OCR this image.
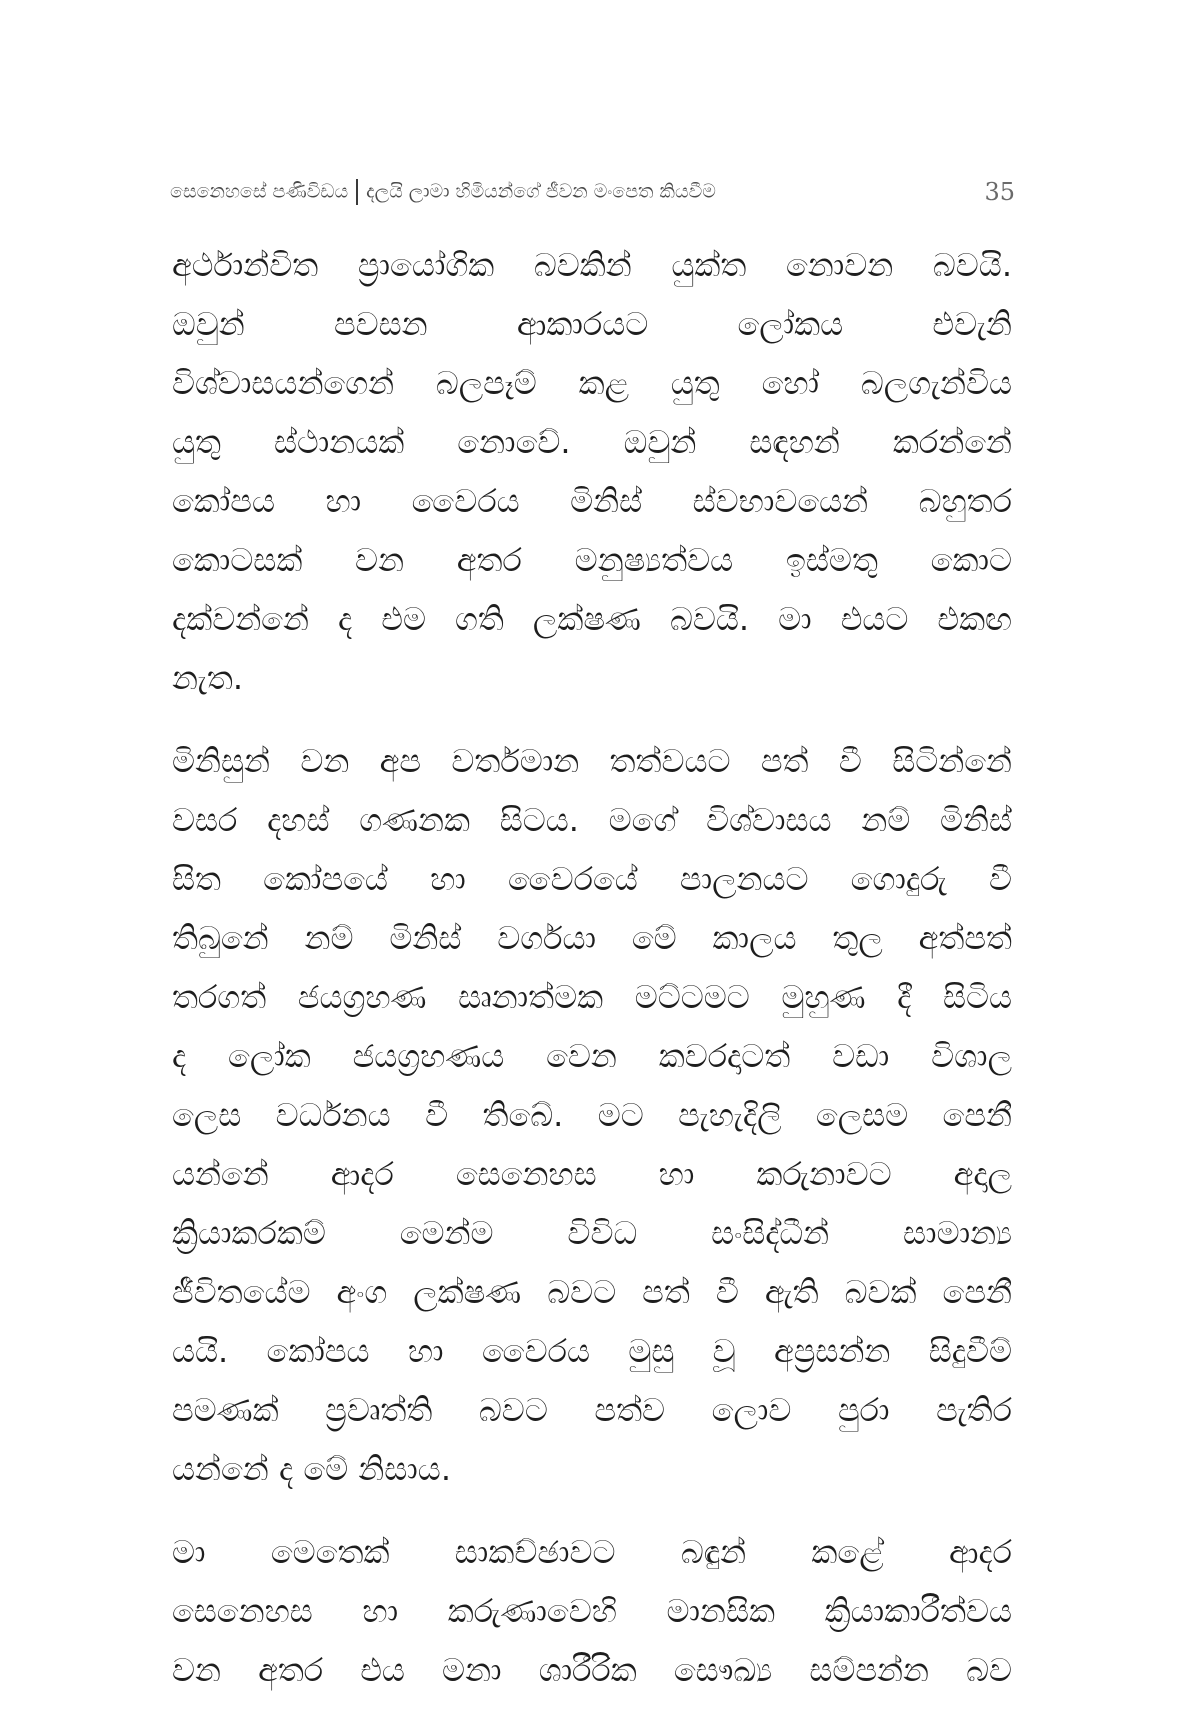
සෙනෙහසේ පණිවිඩය දලයි ලාමා හිමියන්ගේ ජීවන මංපෙත කියවීම	35
අර්ථාන්විත ප්‍රායෝගික බවකින් යුක්ත නොවන බවයි.
ඔවුන් පවසන ආකාරයට ලෝකය එවැනි
විශ්වාසයන්ගෙන් බලපෑම් කළ යුතු හෝ බලගැන්විය
යුතු ස්ථානයක් නොවේ. ඔවුන් සඳහන් කරන්නේ
කෝපය හා වෛරය මිනිස් ස්වභාවයෙන් බහුතර
කොටසක් වන අතර මනුෂ්‍යත්වය ඉස්මතු කොට
දක්වන්නේ ද එම ගති ලක්ෂණ බවයි. මා එයට එකඟ
නැත.
මිනිසුන් වන අප වර්තමාන තත්වයට පත් වී සිටින්නේ
වසර දහස් ගණනක සිටය. මගේ විශ්වාසය නම් මිනිස්
සිත කෝපයේ හා වෛරයේ පාලනයට ගොදුරු වී
තිබුනේ නම් මිනිස් වර්ගයා මේ කාලය තුල අත්පත්
තරගත් ජයග්‍රහණ සෘනාත්මක මට්ටමට මුහුණ දී සිටිය
ද ලෝක ජයග්‍රහණය වෙන කවරදාටත් වඩා විශාල
ලෙස වර්ධනය වී තිබේ. මට පැහැදිලි ලෙසම පෙනී
යන්නේ ආදර සෙනෙහස හා කරුනාවට අදාල
ක්‍රියාකරකම් මෙන්ම විවිධ සංසිද්ධීන් සාමාන්‍ය
ජීවිතයේම අංග ලක්ෂණ බවට පත් වී ඇති බවක් පෙනී
යයි. කෝපය හා වෛරය මුසු වූ අප්‍රසන්න සිදුවීම්
පමණක් ප්‍රවෘත්ති බවට පත්ව ලොව පුරා පැතිර
යන්නේ ද මේ නිසාය.
මා මෙතෙක් සාකච්ඡාවට බඳුන් කළේ ආදර
සෙනෙහස හා කරුණාවෙහි මානසික ක්‍රියාකාරීත්වය
වන අතර එය මනා ශාරීරික සෞඛ්‍ය සම්පන්න බව
